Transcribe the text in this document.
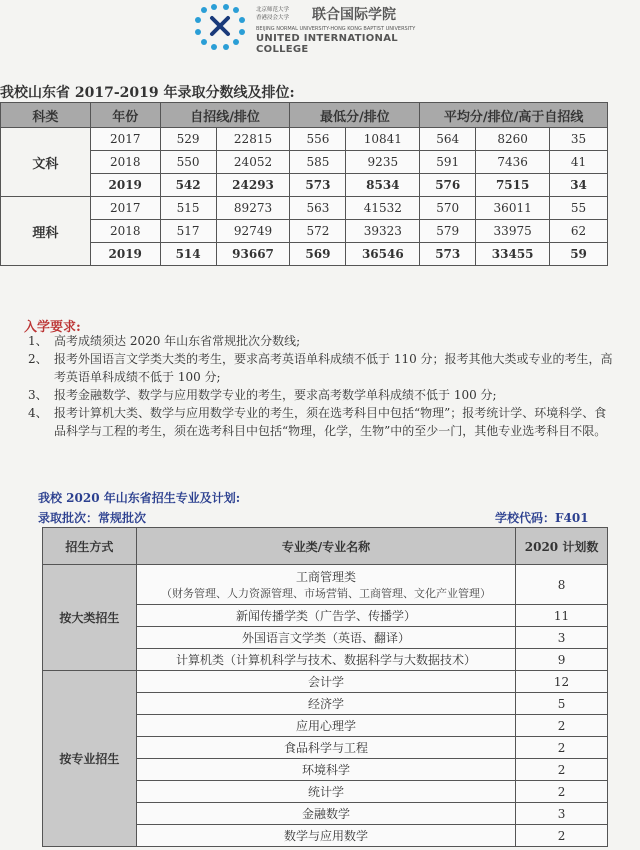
北京师范大学
香港浸会大学 联合国际学院
BEIJING NORMAL UNIVERSITY-HONG KONG BAPTIST UNIVERSITY
UNITED INTERNATIONAL COLLEGE
我校山东省 2017-2019 年录取分数线及排位:
科类	年份	自招线/排位		最低分/排位		平均分/排位/高于自招线		
文科	2017	529	22815	556	10841	564	8260	35
	2018	550	24052	585	9235	591	7436	41
	2019	542	24293	573	8534	576	7515	34
理科	2017	515	89273	563	41532	570	36011	55
	2018	517	92749	572	39323	579	33975	62
	2019	514	93667	569	36546	573	33455	59
入学要求:
1、 高考成绩须达 2020 年山东省常规批次分数线;
2、 报考外国语言文学类大类的考生，要求高考英语单科成绩不低于 110 分；报考其他大类或专业的考生，高考英语单科成绩不低于 100 分;
3、 报考金融数学、数学与应用数学专业的考生，要求高考数学单科成绩不低于 100 分;
4、 报考计算机大类、数学与应用数学专业的考生，须在选考科目中包括“物理”；报考统计学、环境科学、食品科学与工程的考生，须在选考科目中包括“物理，化学，生物”中的至少一门，其他专业选考科目不限。
我校 2020 年山东省招生专业及计划:
录取批次：常规批次	学校代码：F401
招生方式	专业类/专业名称	2020 计划数
按大类招生	工商管理类
（财务管理、人力资源管理、市场营销、工商管理、文化产业管理）	8
	新闻传播学类（广告学、传播学）	11
	外国语言文学类（英语、翻译）	3
	计算机类（计算机科学与技术、数据科学与大数据技术）	9
按专业招生	会计学	12
	经济学	5
	应用心理学	2
	食品科学与工程	2
	环境科学	2
	统计学	2
	金融数学	3
	数学与应用数学	2
